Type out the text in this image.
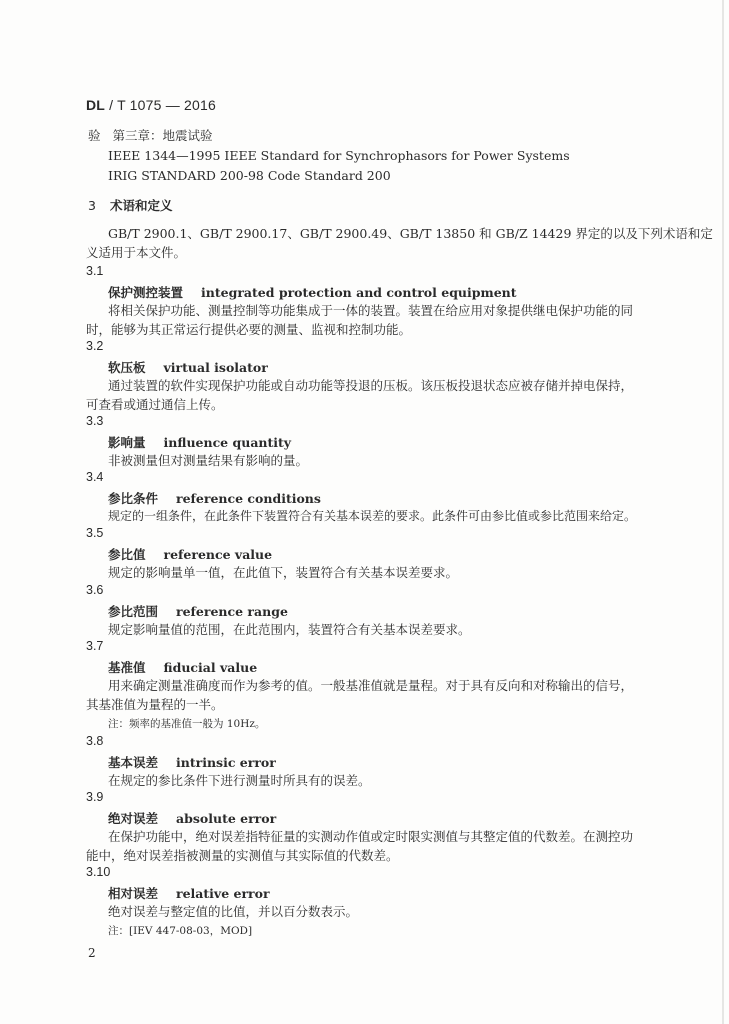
DL / T 1075 — 2016
验 第三章：地震试验
IEEE 1344—1995 IEEE Standard for Synchrophasors for Power Systems
IRIG STANDARD 200-98 Code Standard 200
3 术语和定义
GB/T 2900.1、GB/T 2900.17、GB/T 2900.49、GB/T 13850 和 GB/Z 14429 界定的以及下列术语和定
义适用于本文件。
3.1
保护测控装置 integrated protection and control equipment
将相关保护功能、测量控制等功能集成于一体的装置。装置在给应用对象提供继电保护功能的同
时，能够为其正常运行提供必要的测量、监视和控制功能。
3.2
软压板 virtual isolator
通过装置的软件实现保护功能或自动功能等投退的压板。该压板投退状态应被存储并掉电保持，
可查看或通过通信上传。
3.3
影响量 influence quantity
非被测量但对测量结果有影响的量。
3.4
参比条件 reference conditions
规定的一组条件，在此条件下装置符合有关基本误差的要求。此条件可由参比值或参比范围来给定。
3.5
参比值 reference value
规定的影响量单一值，在此值下，装置符合有关基本误差要求。
3.6
参比范围 reference range
规定影响量值的范围，在此范围内，装置符合有关基本误差要求。
3.7
基准值 fiducial value
用来确定测量准确度而作为参考的值。一般基准值就是量程。对于具有反向和对称输出的信号，
其基准值为量程的一半。
注：频率的基准值一般为 10Hz。
3.8
基本误差 intrinsic error
在规定的参比条件下进行测量时所具有的误差。
3.9
绝对误差 absolute error
在保护功能中，绝对误差指特征量的实测动作值或定时限实测值与其整定值的代数差。在测控功
能中，绝对误差指被测量的实测值与其实际值的代数差。
3.10
相对误差 relative error
绝对误差与整定值的比值，并以百分数表示。
注：[IEV 447-08-03，MOD]
2
